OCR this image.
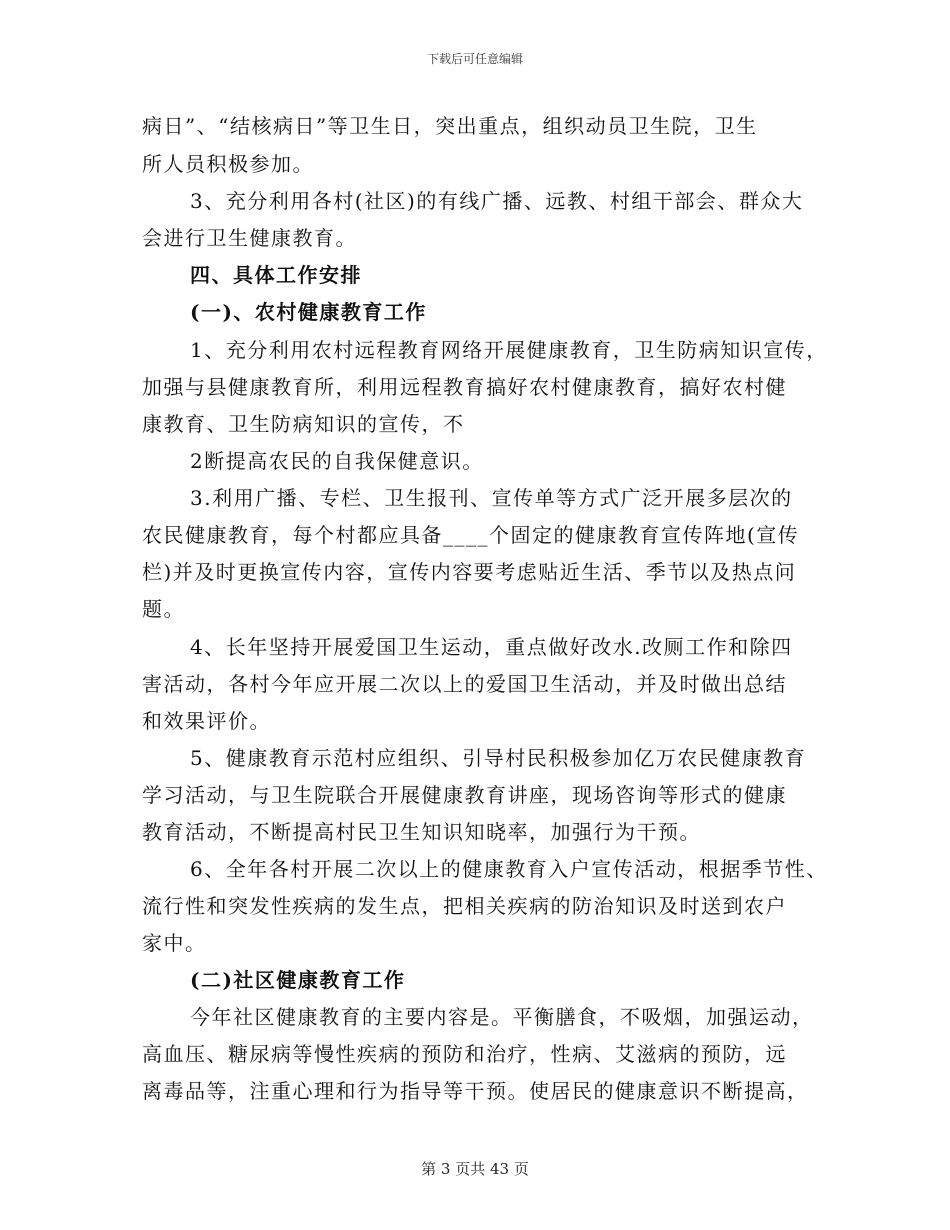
下载后可任意编辑
病日”、“结核病日”等卫生日，突出重点，组织动员卫生院，卫生
所人员积极参加。
3、充分利用各村(社区)的有线广播、远教、村组干部会、群众大
会进行卫生健康教育。
四、具体工作安排
(一)、农村健康教育工作
1、充分利用农村远程教育网络开展健康教育，卫生防病知识宣传，
加强与县健康教育所，利用远程教育搞好农村健康教育，搞好农村健
康教育、卫生防病知识的宣传，不
2断提高农民的自我保健意识。
3.利用广播、专栏、卫生报刊、宣传单等方式广泛开展多层次的
农民健康教育，每个村都应具备____个固定的健康教育宣传阵地(宣传
栏)并及时更换宣传内容，宣传内容要考虑贴近生活、季节以及热点问
题。
4、长年坚持开展爱国卫生运动，重点做好改水.改厕工作和除四
害活动，各村今年应开展二次以上的爱国卫生活动，并及时做出总结
和效果评价。
5、健康教育示范村应组织、引导村民积极参加亿万农民健康教育
学习活动，与卫生院联合开展健康教育讲座，现场咨询等形式的健康
教育活动，不断提高村民卫生知识知晓率，加强行为干预。
6、全年各村开展二次以上的健康教育入户宣传活动，根据季节性、
流行性和突发性疾病的发生点，把相关疾病的防治知识及时送到农户
家中。
(二)社区健康教育工作
今年社区健康教育的主要内容是。平衡膳食，不吸烟，加强运动，
高血压、糖尿病等慢性疾病的预防和治疗，性病、艾滋病的预防，远
离毒品等，注重心理和行为指导等干预。使居民的健康意识不断提高，
第 3 页共 43 页
